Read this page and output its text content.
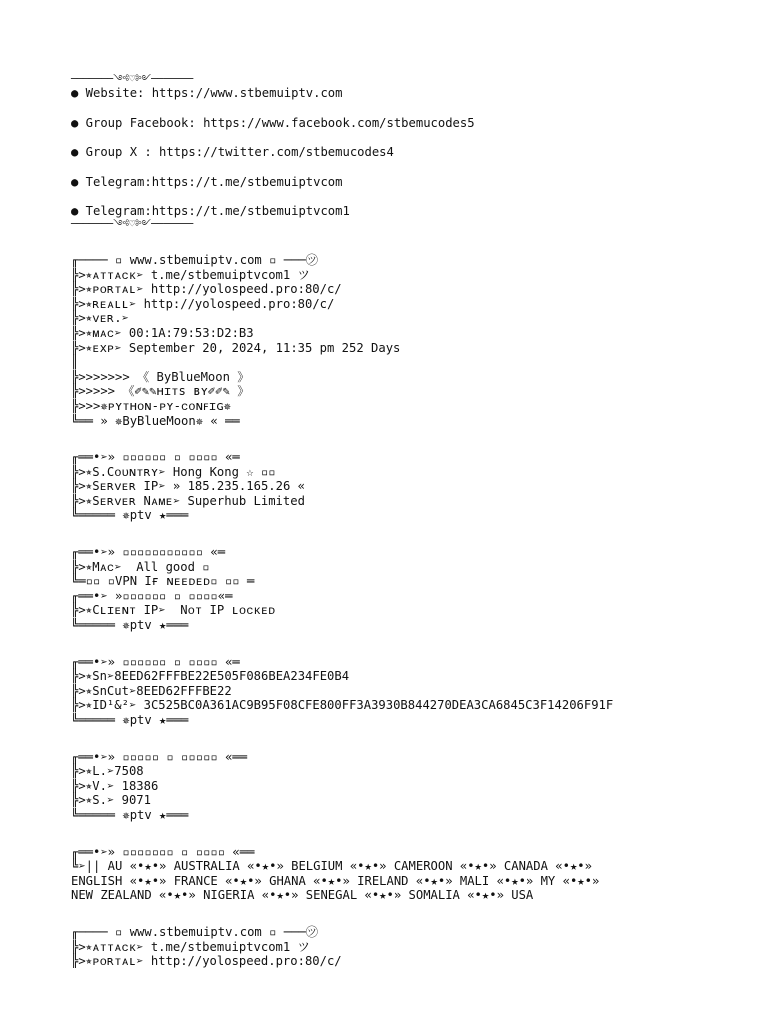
───────༺♡༻───────
● Website: https://www.stbemuiptv.com
● Group Facebook: https://www.facebook.com/stbemucodes5
● Group X : https://twitter.com/stbemucodes4
● Telegram:https://t.me/stbemuiptvcom
● Telegram:https://t.me/stbemuiptvcom1
───────༺♡༻───────
╓──── ▫ www.stbemuiptv.com ▫ ───㋡
╠>⭒ᴀᴛᴛᴀᴄᴋ➢ t.me/stbemuiptvcom1 ツ
╠>⭒ᴘᴏʀᴛᴀʟ➢ http://yolospeed.pro:80/c/
╠>⭒ʀᴇᴀʟʟ➢ http://yolospeed.pro:80/c/
╠>⭒ᴠᴇʀ.➢
╠>⭒ᴍᴀᴄ➢ 00:1A:79:53:D2:B3
╠>⭒ᴇxᴘ➢ September 20, 2024, 11:35 pm 252 Days
║
╠>>>>>>> 《 ByBlueMoon 》
╠>>>>> 《✐✎✎ʜɪᴛs ʙʏ✐✐✎ 》
╠>>>✵ᴘʏᴛʜᴏɴ-ᴘʏ-ᴄᴏɴꜰɪɢ✵
╚══ » ✵ByBlueMoon✵ « ══
╓══•➢» ▫▫▫▫▫▫ ▫ ▫▫▫▫ «═
╠>⭒S.Cᴏᴜɴᴛʀʏ➢ Hong Kong ☆ ▫▫
╠>⭒Sᴇʀᴠᴇʀ IP➢ » 185.235.165.26 «
╠>⭒Sᴇʀᴠᴇʀ Nᴀᴍᴇ➢ Superhub Limited
╚═════ ✵ptv ★═══
╓══•➢» ▫▫▫▫▫▫▫▫▫▫▫ «═
╠>⭒Mᴀᴄ➢  All good ▫
╚═▫▫ ▫VPN Iғ ɴᴇᴇᴅᴇᴅ▫ ▫▫ ═
╓══•➢ »▫▫▫▫▫▫ ▫ ▫▫▫▫«═
╠>⭒Cʟɪᴇɴᴛ IP➢  Nᴏᴛ IP ʟᴏᴄᴋᴇᴅ
╚═════ ✵ptv ★═══
╓══•➢» ▫▫▫▫▫▫ ▫ ▫▫▫▫ «═
╠>⭒Sn➢8EED62FFFBE22E505F086BEA234FE0B4
╠>⭒SnCut➢8EED62FFFBE22
╠>⭒ID¹&²➢ 3C525BC0A361AC9B95F08CFE800FF3A3930B844270DEA3CA6845C3F14206F91F
╚═════ ✵ptv ★═══
╓══•➢» ▫▫▫▫▫ ▫ ▫▫▫▫▫ «══
╠>⭒L.➢7508
╠>⭒V.➢ 18386
╠>⭒S.➢ 9071
╚═════ ✵ptv ★═══
╓══•➢» ▫▫▫▫▫▫▫ ▫ ▫▫▫▫ «══
╚➢|| AU «•★•» AUSTRALIA «•★•» BELGIUM «•★•» CAMEROON «•★•» CANADA «•★•»
ENGLISH «•★•» FRANCE «•★•» GHANA «•★•» IRELAND «•★•» MALI «•★•» MY «•★•»
NEW ZEALAND «•★•» NIGERIA «•★•» SENEGAL «•★•» SOMALIA «•★•» USA
╓──── ▫ www.stbemuiptv.com ▫ ───㋡
╠>⭒ᴀᴛᴛᴀᴄᴋ➢ t.me/stbemuiptvcom1 ツ
╠>⭒ᴘᴏʀᴛᴀʟ➢ http://yolospeed.pro:80/c/
